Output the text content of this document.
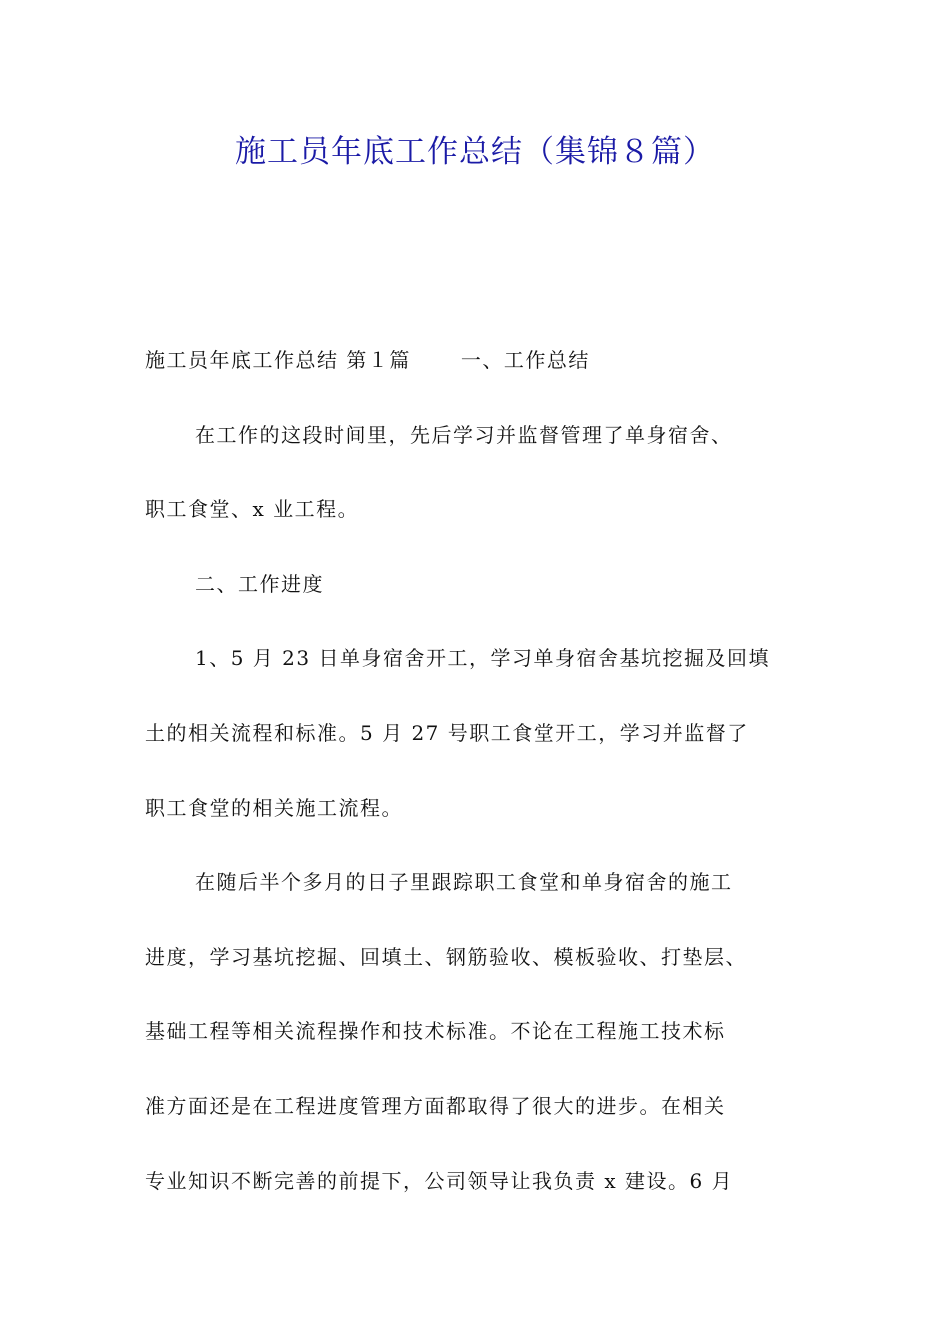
施工员年底工作总结（集锦８篇）
施工员年底工作总结 第１篇	一、工作总结
在工作的这段时间里，先后学习并监督管理了单身宿舍、
职工食堂、x 业工程。
二、工作进度
1、5 月 23 日单身宿舍开工，学习单身宿舍基坑挖掘及回填
土的相关流程和标准。5 月 27 号职工食堂开工，学习并监督了
职工食堂的相关施工流程。
在随后半个多月的日子里跟踪职工食堂和单身宿舍的施工
进度，学习基坑挖掘、回填土、钢筋验收、模板验收、打垫层、
基础工程等相关流程操作和技术标准。不论在工程施工技术标
准方面还是在工程进度管理方面都取得了很大的进步。在相关
专业知识不断完善的前提下，公司领导让我负责 x 建设。6 月
